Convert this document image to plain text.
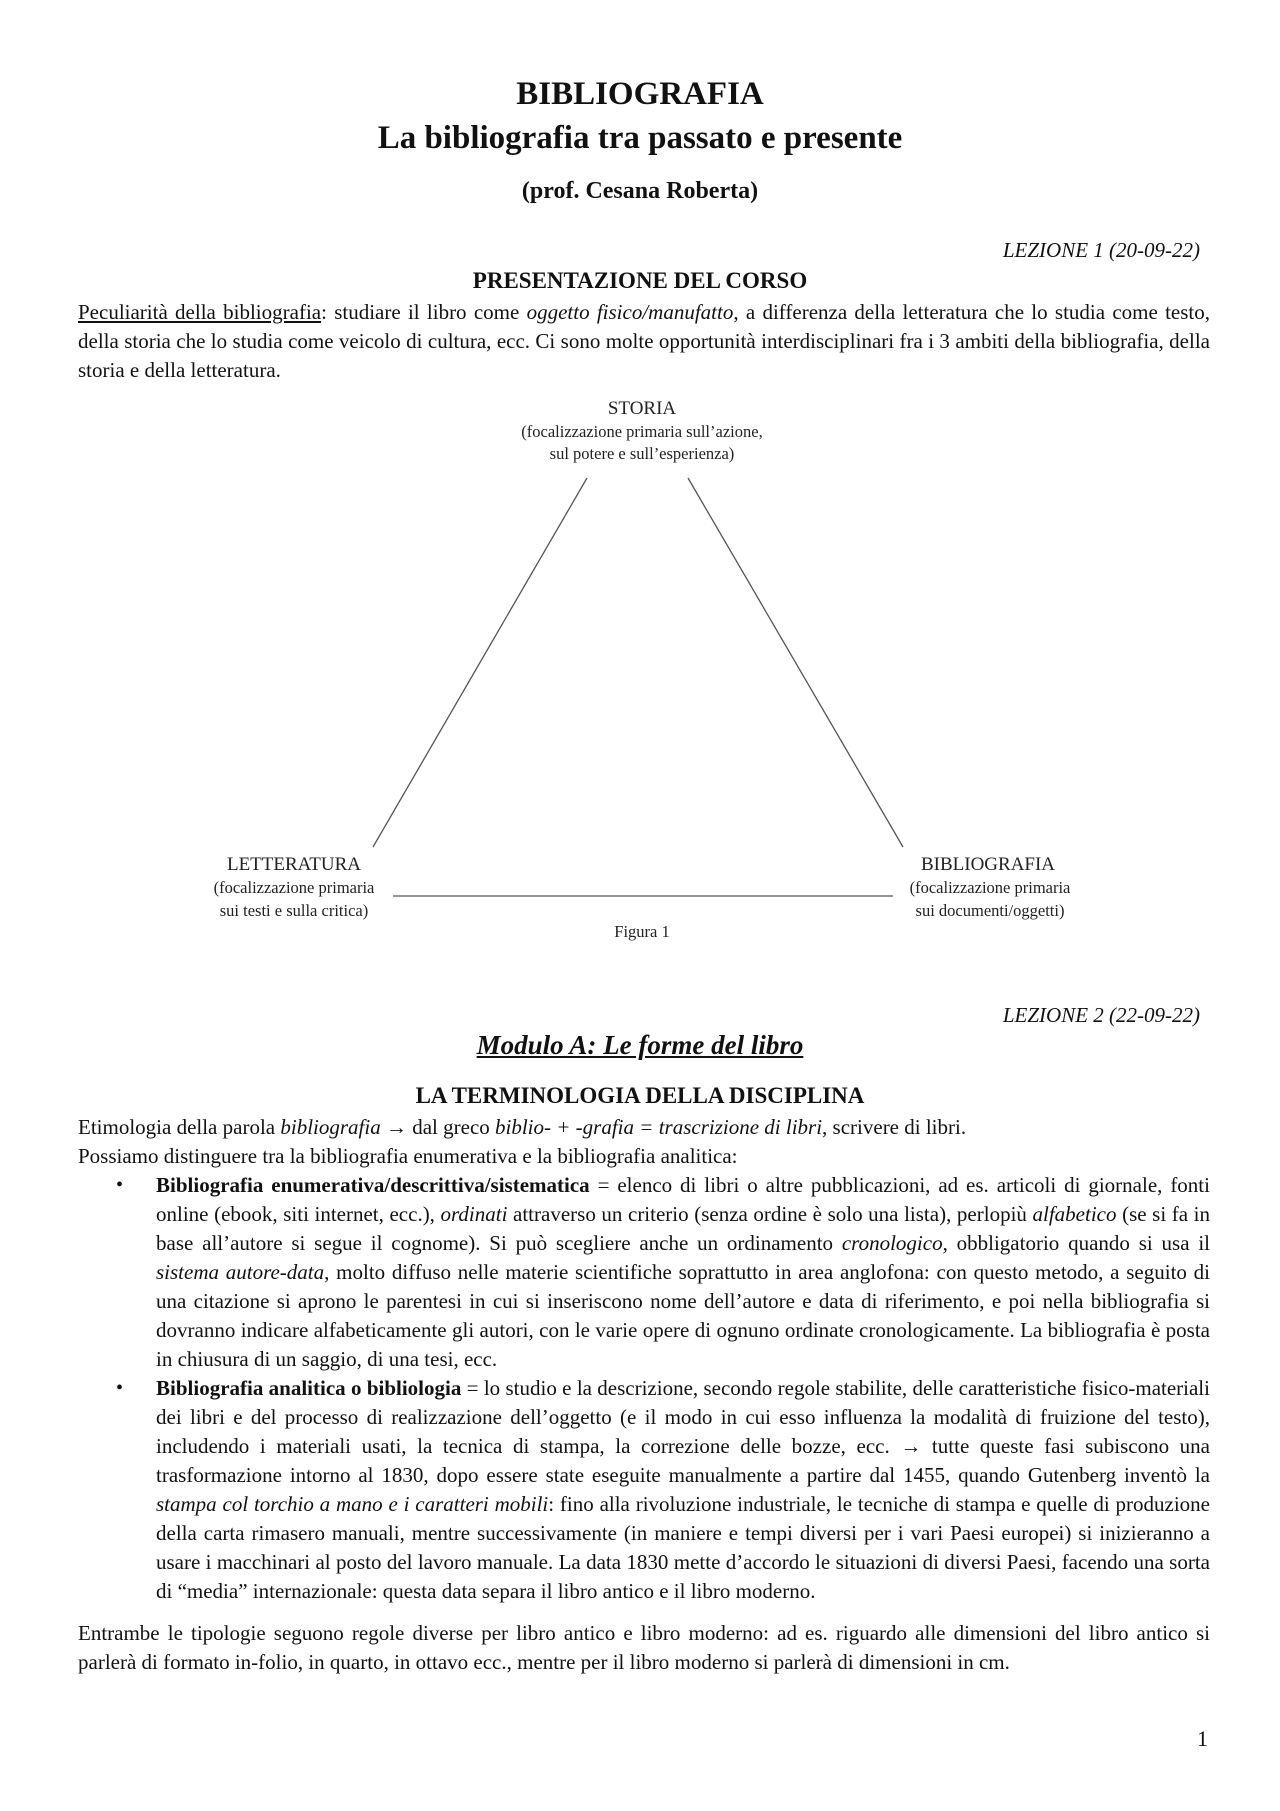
BIBLIOGRAFIA
La bibliografia tra passato e presente
(prof. Cesana Roberta)
LEZIONE 1 (20-09-22)
PRESENTAZIONE DEL CORSO
Peculiarità della bibliografia: studiare il libro come oggetto fisico/manufatto, a differenza della letteratura che lo studia come testo, della storia che lo studia come veicolo di cultura, ecc. Ci sono molte opportunità interdisciplinari fra i 3 ambiti della bibliografia, della storia e della letteratura.
STORIA
(focalizzazione primaria sull’azione,
sul potere e sull’esperienza)
LETTERATURA
(focalizzazione primaria
sui testi e sulla critica)
BIBLIOGRAFIA
(focalizzazione primaria
sui documenti/oggetti)
Figura 1
LEZIONE 2 (22-09-22)
Modulo A: Le forme del libro
LA TERMINOLOGIA DELLA DISCIPLINA
Etimologia della parola bibliografia → dal greco biblio- + -grafia = trascrizione di libri, scrivere di libri.
Possiamo distinguere tra la bibliografia enumerativa e la bibliografia analitica:
• Bibliografia enumerativa/descrittiva/sistematica = elenco di libri o altre pubblicazioni, ad es. articoli di giornale, fonti online (ebook, siti internet, ecc.), ordinati attraverso un criterio (senza ordine è solo una lista), perlopiù alfabetico (se si fa in base all’autore si segue il cognome). Si può scegliere anche un ordinamento cronologico, obbligatorio quando si usa il sistema autore-data, molto diffuso nelle materie scientifiche soprattutto in area anglofona: con questo metodo, a seguito di una citazione si aprono le parentesi in cui si inseriscono nome dell’autore e data di riferimento, e poi nella bibliografia si dovranno indicare alfabeticamente gli autori, con le varie opere di ognuno ordinate cronologicamente. La bibliografia è posta in chiusura di un saggio, di una tesi, ecc.
• Bibliografia analitica o bibliologia = lo studio e la descrizione, secondo regole stabilite, delle caratteristiche fisico-materiali dei libri e del processo di realizzazione dell’oggetto (e il modo in cui esso influenza la modalità di fruizione del testo), includendo i materiali usati, la tecnica di stampa, la correzione delle bozze, ecc. → tutte queste fasi subiscono una trasformazione intorno al 1830, dopo essere state eseguite manualmente a partire dal 1455, quando Gutenberg inventò la stampa col torchio a mano e i caratteri mobili: fino alla rivoluzione industriale, le tecniche di stampa e quelle di produzione della carta rimasero manuali, mentre successivamente (in maniere e tempi diversi per i vari Paesi europei) si inizieranno a usare i macchinari al posto del lavoro manuale. La data 1830 mette d’accordo le situazioni di diversi Paesi, facendo una sorta di “media” internazionale: questa data separa il libro antico e il libro moderno.
Entrambe le tipologie seguono regole diverse per libro antico e libro moderno: ad es. riguardo alle dimensioni del libro antico si parlerà di formato in-folio, in quarto, in ottavo ecc., mentre per il libro moderno si parlerà di dimensioni in cm.
1
